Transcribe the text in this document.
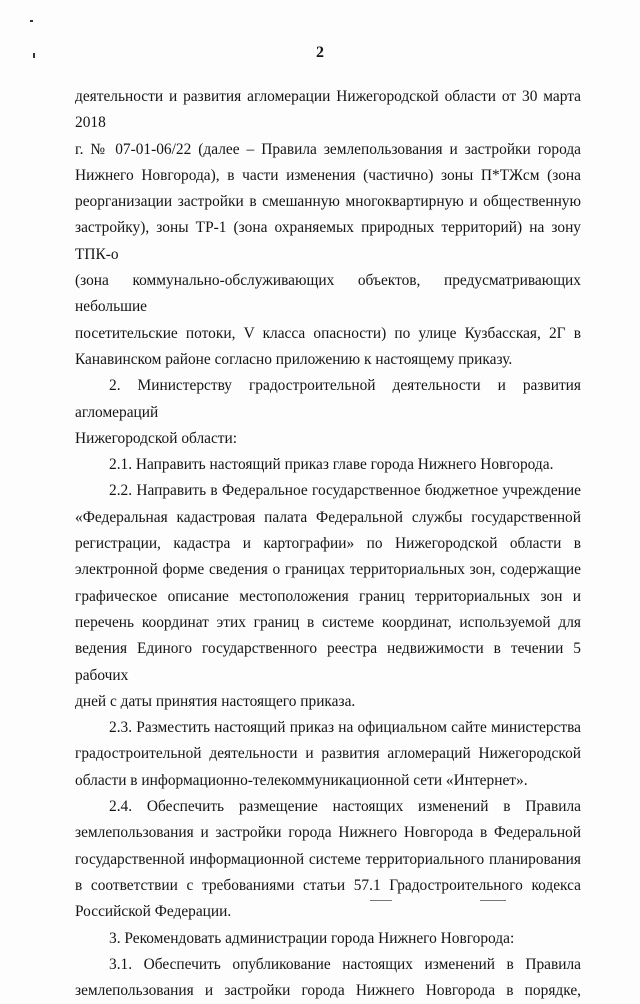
2

деятельности и развития агломерации Нижегородской области от 30 марта 2018

г. № 07-01-06/22 (далее – Правила землепользования и застройки города

Нижнего Новгорода), в части изменения (частично) зоны П*ТЖсм (зона

реорганизации застройки в смешанную многоквартирную и общественную

застройку), зоны ТР-1 (зона охраняемых природных территорий) на зону ТПК-о

(зона коммунально-обслуживающих объектов, предусматривающих небольшие

посетительские потоки, V класса опасности) по улице Кузбасская, 2Г в

Канавинском районе согласно приложению к настоящему приказу.

2. Министерству градостроительной деятельности и развития агломераций

Нижегородской области:

2.1. Направить настоящий приказ главе города Нижнего Новгорода.

2.2. Направить в Федеральное государственное бюджетное учреждение

«Федеральная кадастровая палата Федеральной службы государственной

регистрации, кадастра и картографии» по Нижегородской области в

электронной форме сведения о границах территориальных зон, содержащие

графическое описание местоположения границ территориальных зон и

перечень координат этих границ в системе координат, используемой для

ведения Единого государственного реестра недвижимости в течении 5 рабочих

дней с даты принятия настоящего приказа.

2.3. Разместить настоящий приказ на официальном сайте министерства

градостроительной деятельности и развития агломераций Нижегородской

области в информационно-телекоммуникационной сети «Интернет».

2.4. Обеспечить размещение настоящих изменений в Правила

землепользования и застройки города Нижнего Новгорода в Федеральной

государственной информационной системе территориального планирования

в соответствии с требованиями статьи 57.1 Градостроительного кодекса

Российской Федерации.

3. Рекомендовать администрации города Нижнего Новгорода:

3.1. Обеспечить опубликование настоящих изменений в Правила

землепользования и застройки города Нижнего Новгорода в порядке,
